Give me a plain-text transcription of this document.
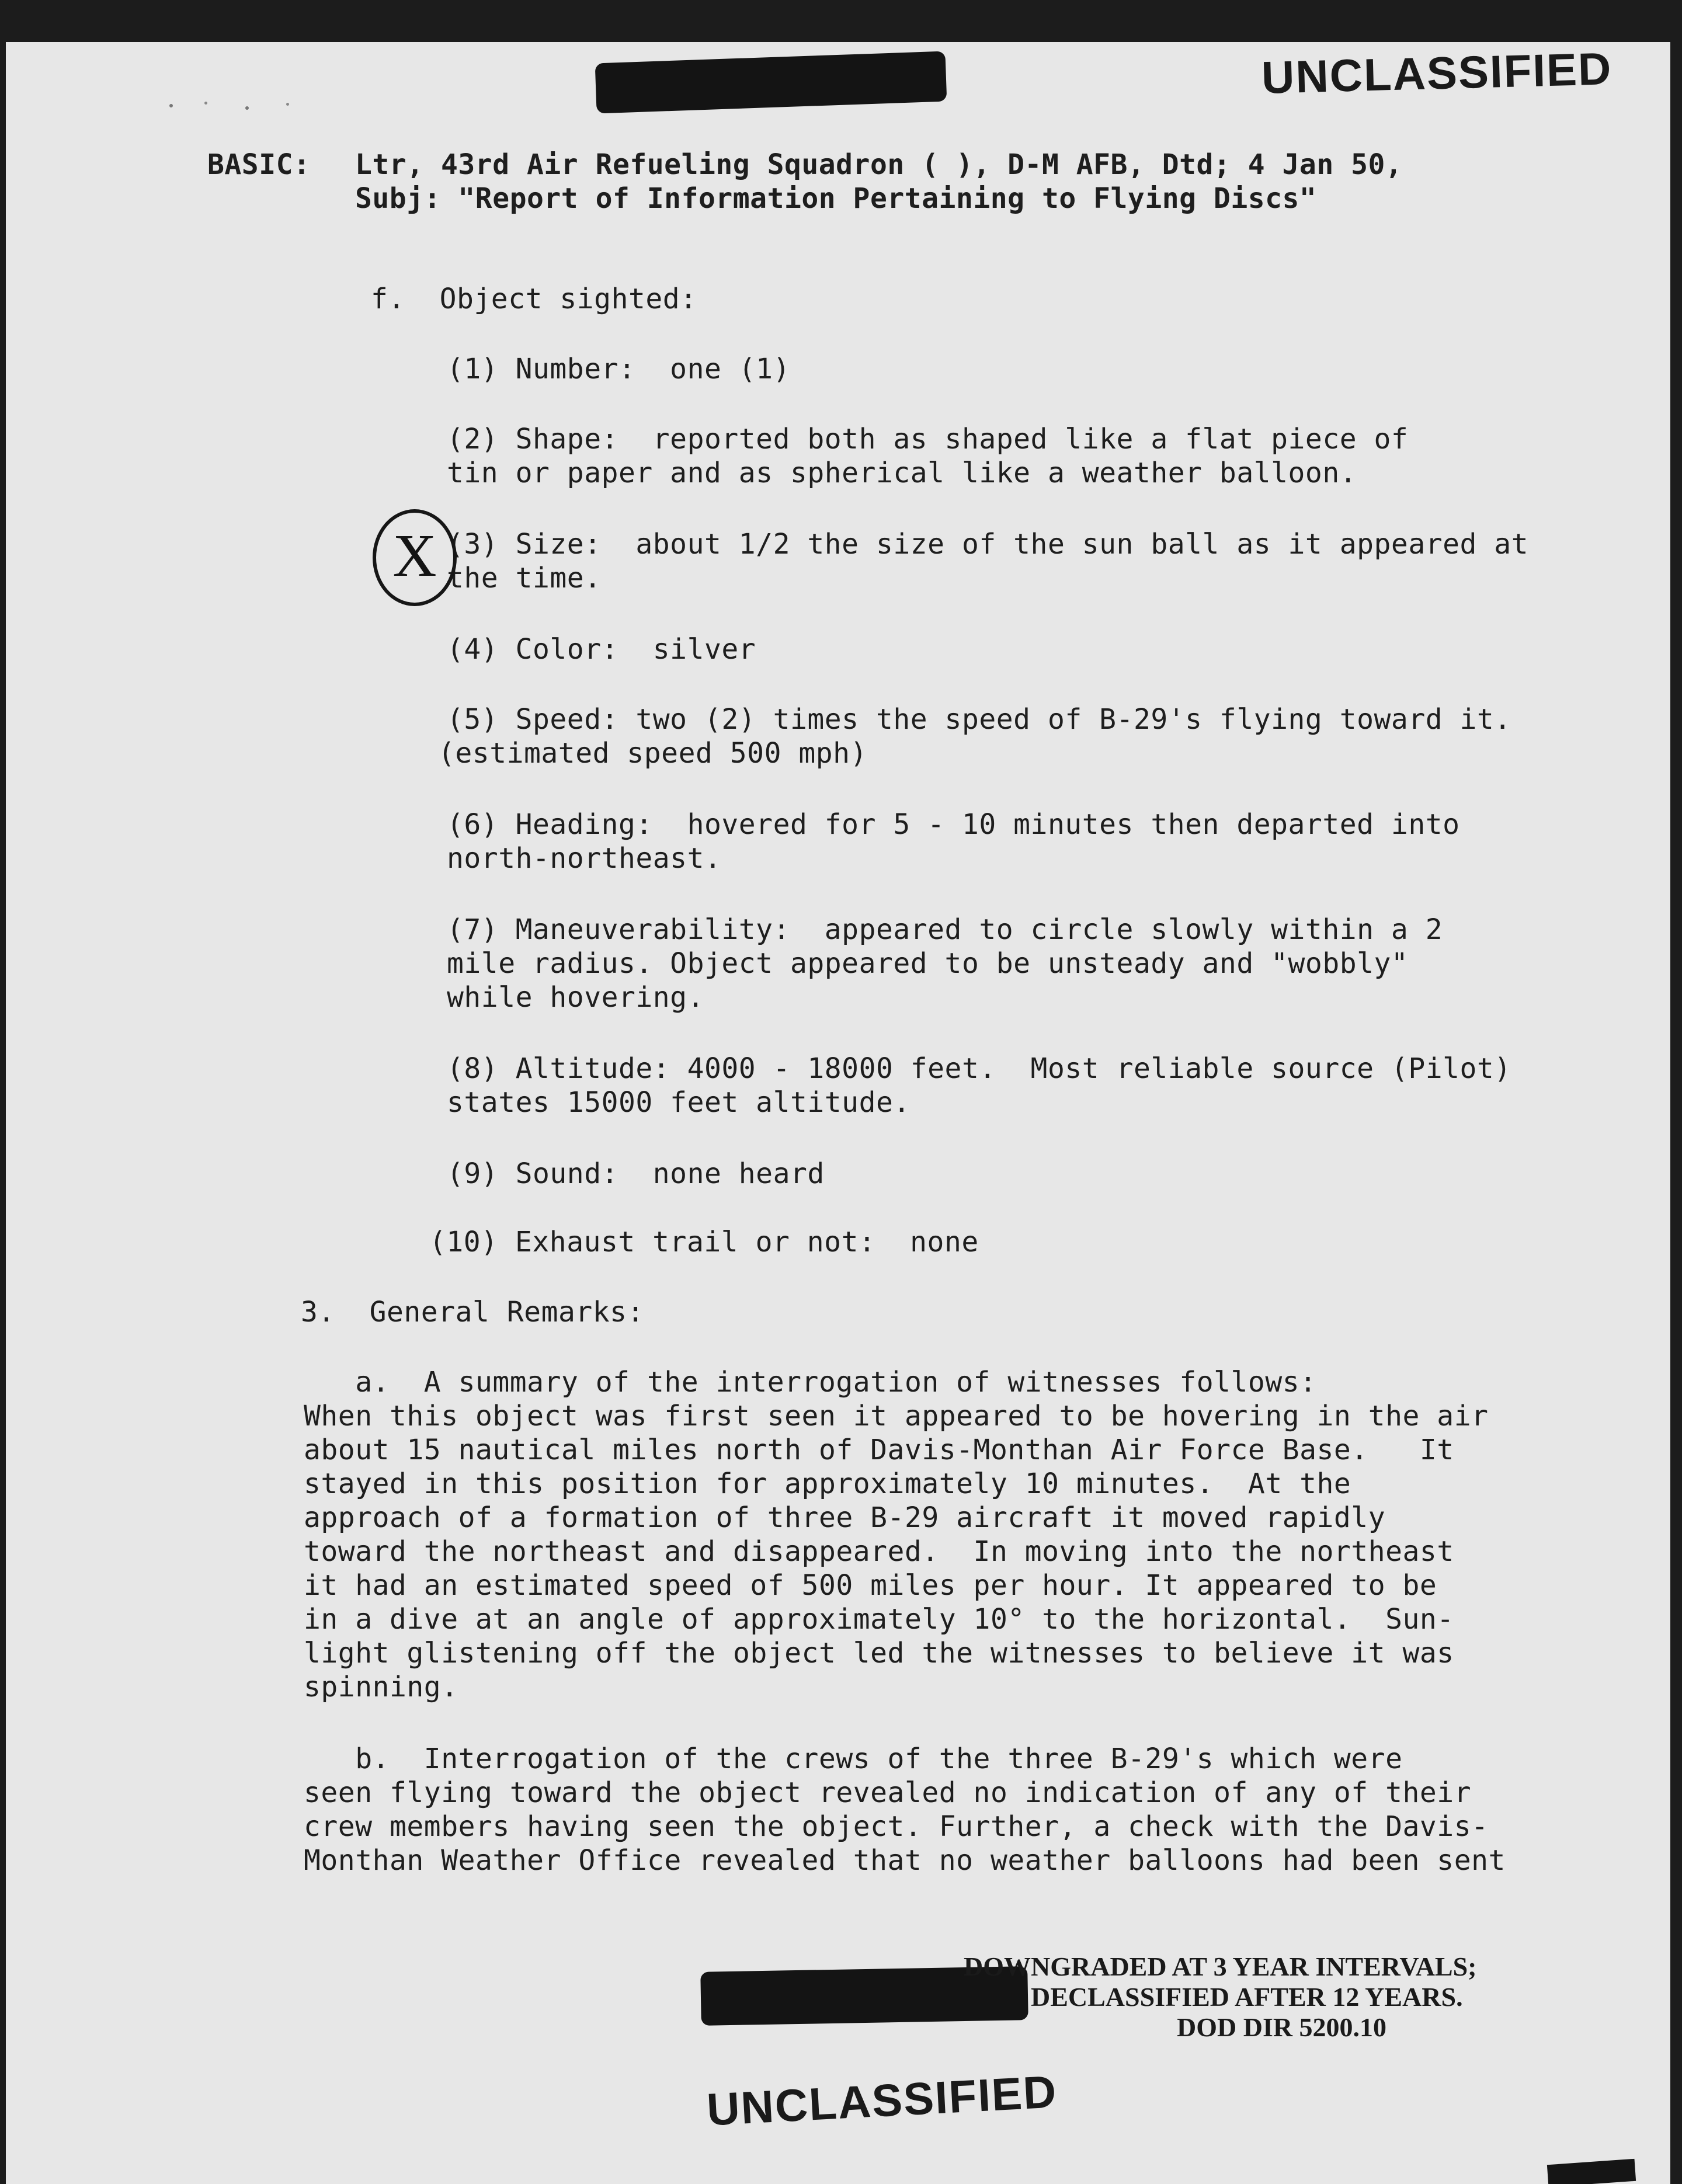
UNCLASSIFIED

BASIC: Ltr, 43rd Air Refueling Squadron ( ), D-M AFB, Dtd; 4 Jan 50,
Subj: "Report of Information Pertaining to Flying Discs"
f.  Object sighted:
(1) Number:  one (1)
(2) Shape:  reported both as shaped like a flat piece of
tin or paper and as spherical like a weather balloon.
(3) Size:  about 1/2 the size of the sun ball as it appeared at
the time.
X
(4) Color:  silver
(5) Speed: two (2) times the speed of B-29's flying toward it.
(estimated speed 500 mph)
(6) Heading:  hovered for 5 - 10 minutes then departed into
north-northeast.
(7) Maneuverability:  appeared to circle slowly within a 2
mile radius. Object appeared to be unsteady and "wobbly"
while hovering.
(8) Altitude: 4000 - 18000 feet.  Most reliable source (Pilot)
states 15000 feet altitude.
(9) Sound:  none heard
(10) Exhaust trail or not:  none
3.  General Remarks:
a.  A summary of the interrogation of witnesses follows:
When this object was first seen it appeared to be hovering in the air
about 15 nautical miles north of Davis-Monthan Air Force Base.   It
stayed in this position for approximately 10 minutes.  At the
approach of a formation of three B-29 aircraft it moved rapidly
toward the northeast and disappeared.  In moving into the northeast
it had an estimated speed of 500 miles per hour. It appeared to be
in a dive at an angle of approximately 10° to the horizontal.  Sun-
light glistening off the object led the witnesses to believe it was
spinning.
b.  Interrogation of the crews of the three B-29's which were
seen flying toward the object revealed no indication of any of their
crew members having seen the object. Further, a check with the Davis-
Monthan Weather Office revealed that no weather balloons had been sent
DOWNGRADED AT 3 YEAR INTERVALS;
DECLASSIFIED AFTER 12 YEARS.
DOD DIR 5200.10
UNCLASSIFIED
